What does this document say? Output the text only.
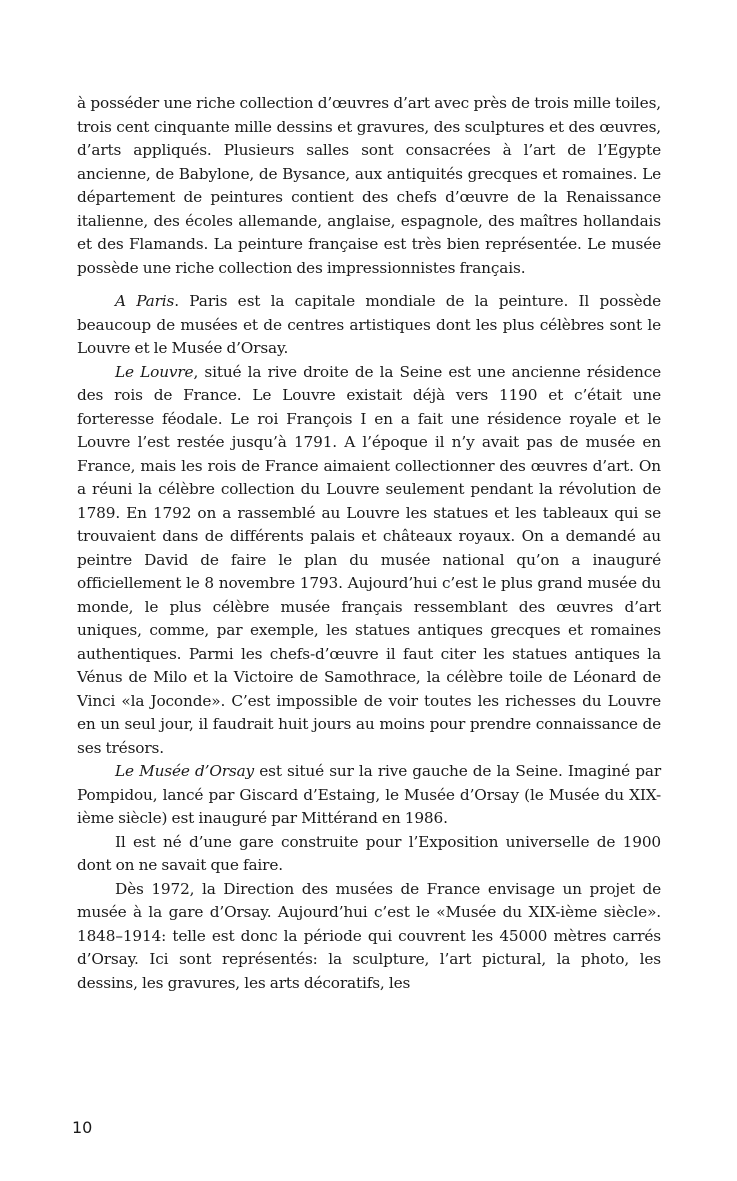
à posséder une riche collection d’œuvres d’art avec près de trois mille toiles, trois cent cinquante mille dessins et gravures, des sculptures et des œuvres, d’arts appliqués. Plusieurs salles sont consacrées à l’art de l’Egypte ancienne, de Babylone, de Bysance, aux antiquités grecques et romaines. Le département de peintures contient des chefs d’œuvre de la Renaissance italienne, des écoles allemande, anglaise, espagnole, des maîtres hollandais et des Flamands. La peinture française est très bien représentée. Le musée possède une riche collection des impressionnistes français.

A Paris. Paris est la capitale mondiale de la peinture. Il possède beaucoup de musées et de centres artistiques dont les plus célèbres sont le Louvre et le Musée d’Orsay.

Le Louvre, situé la rive droite de la Seine est une ancienne résidence des rois de France. Le Louvre existait déjà vers 1190 et c’était une forteresse féodale. Le roi François I en a fait une résidence royale et le Louvre l’est restée jusqu’à 1791. A l’époque il n’y avait pas de musée en France, mais les rois de France aimaient collectionner des œuvres d’art. On a réuni la célèbre collection du Louvre seulement pendant la révolution de 1789. En 1792 on a rassemblé au Louvre les statues et les tableaux qui se trouvaient dans de différents palais et châteaux royaux. On a demandé au peintre David de faire le plan du musée national qu’on a inauguré officiellement le 8 novembre 1793. Aujourd’hui c’est le plus grand musée du monde, le plus célèbre musée français ressemblant des œuvres d’art uniques, comme, par exemple, les statues antiques grecques et romaines authentiques. Parmi les chefs-d’œuvre il faut citer les statues antiques la Vénus de Milo et la Victoire de Samothrace, la célèbre toile de Léonard de Vinci «la Joconde». C’est impossible de voir toutes les richesses du Louvre en un seul jour, il faudrait huit jours au moins pour prendre connaissance de ses trésors.

Le Musée d’Orsay est situé sur la rive gauche de la Seine. Imaginé par Pompidou, lancé par Giscard d’Estaing, le Musée d’Orsay (le Musée du XIX-ième siècle) est inauguré par Mittérand en 1986.

Il est né d’une gare construite pour l’Exposition universelle de 1900 dont on ne savait que faire.

Dès 1972, la Direction des musées de France envisage un projet de musée à la gare d’Orsay. Aujourd’hui c’est le «Musée du XIX-ième siècle». 1848–1914: telle est donc la période qui couvrent les 45000 mètres carrés d’Orsay. Ici sont représentés: la sculpture, l’art pictural, la photo, les dessins, les gravures, les arts décoratifs, les

10
